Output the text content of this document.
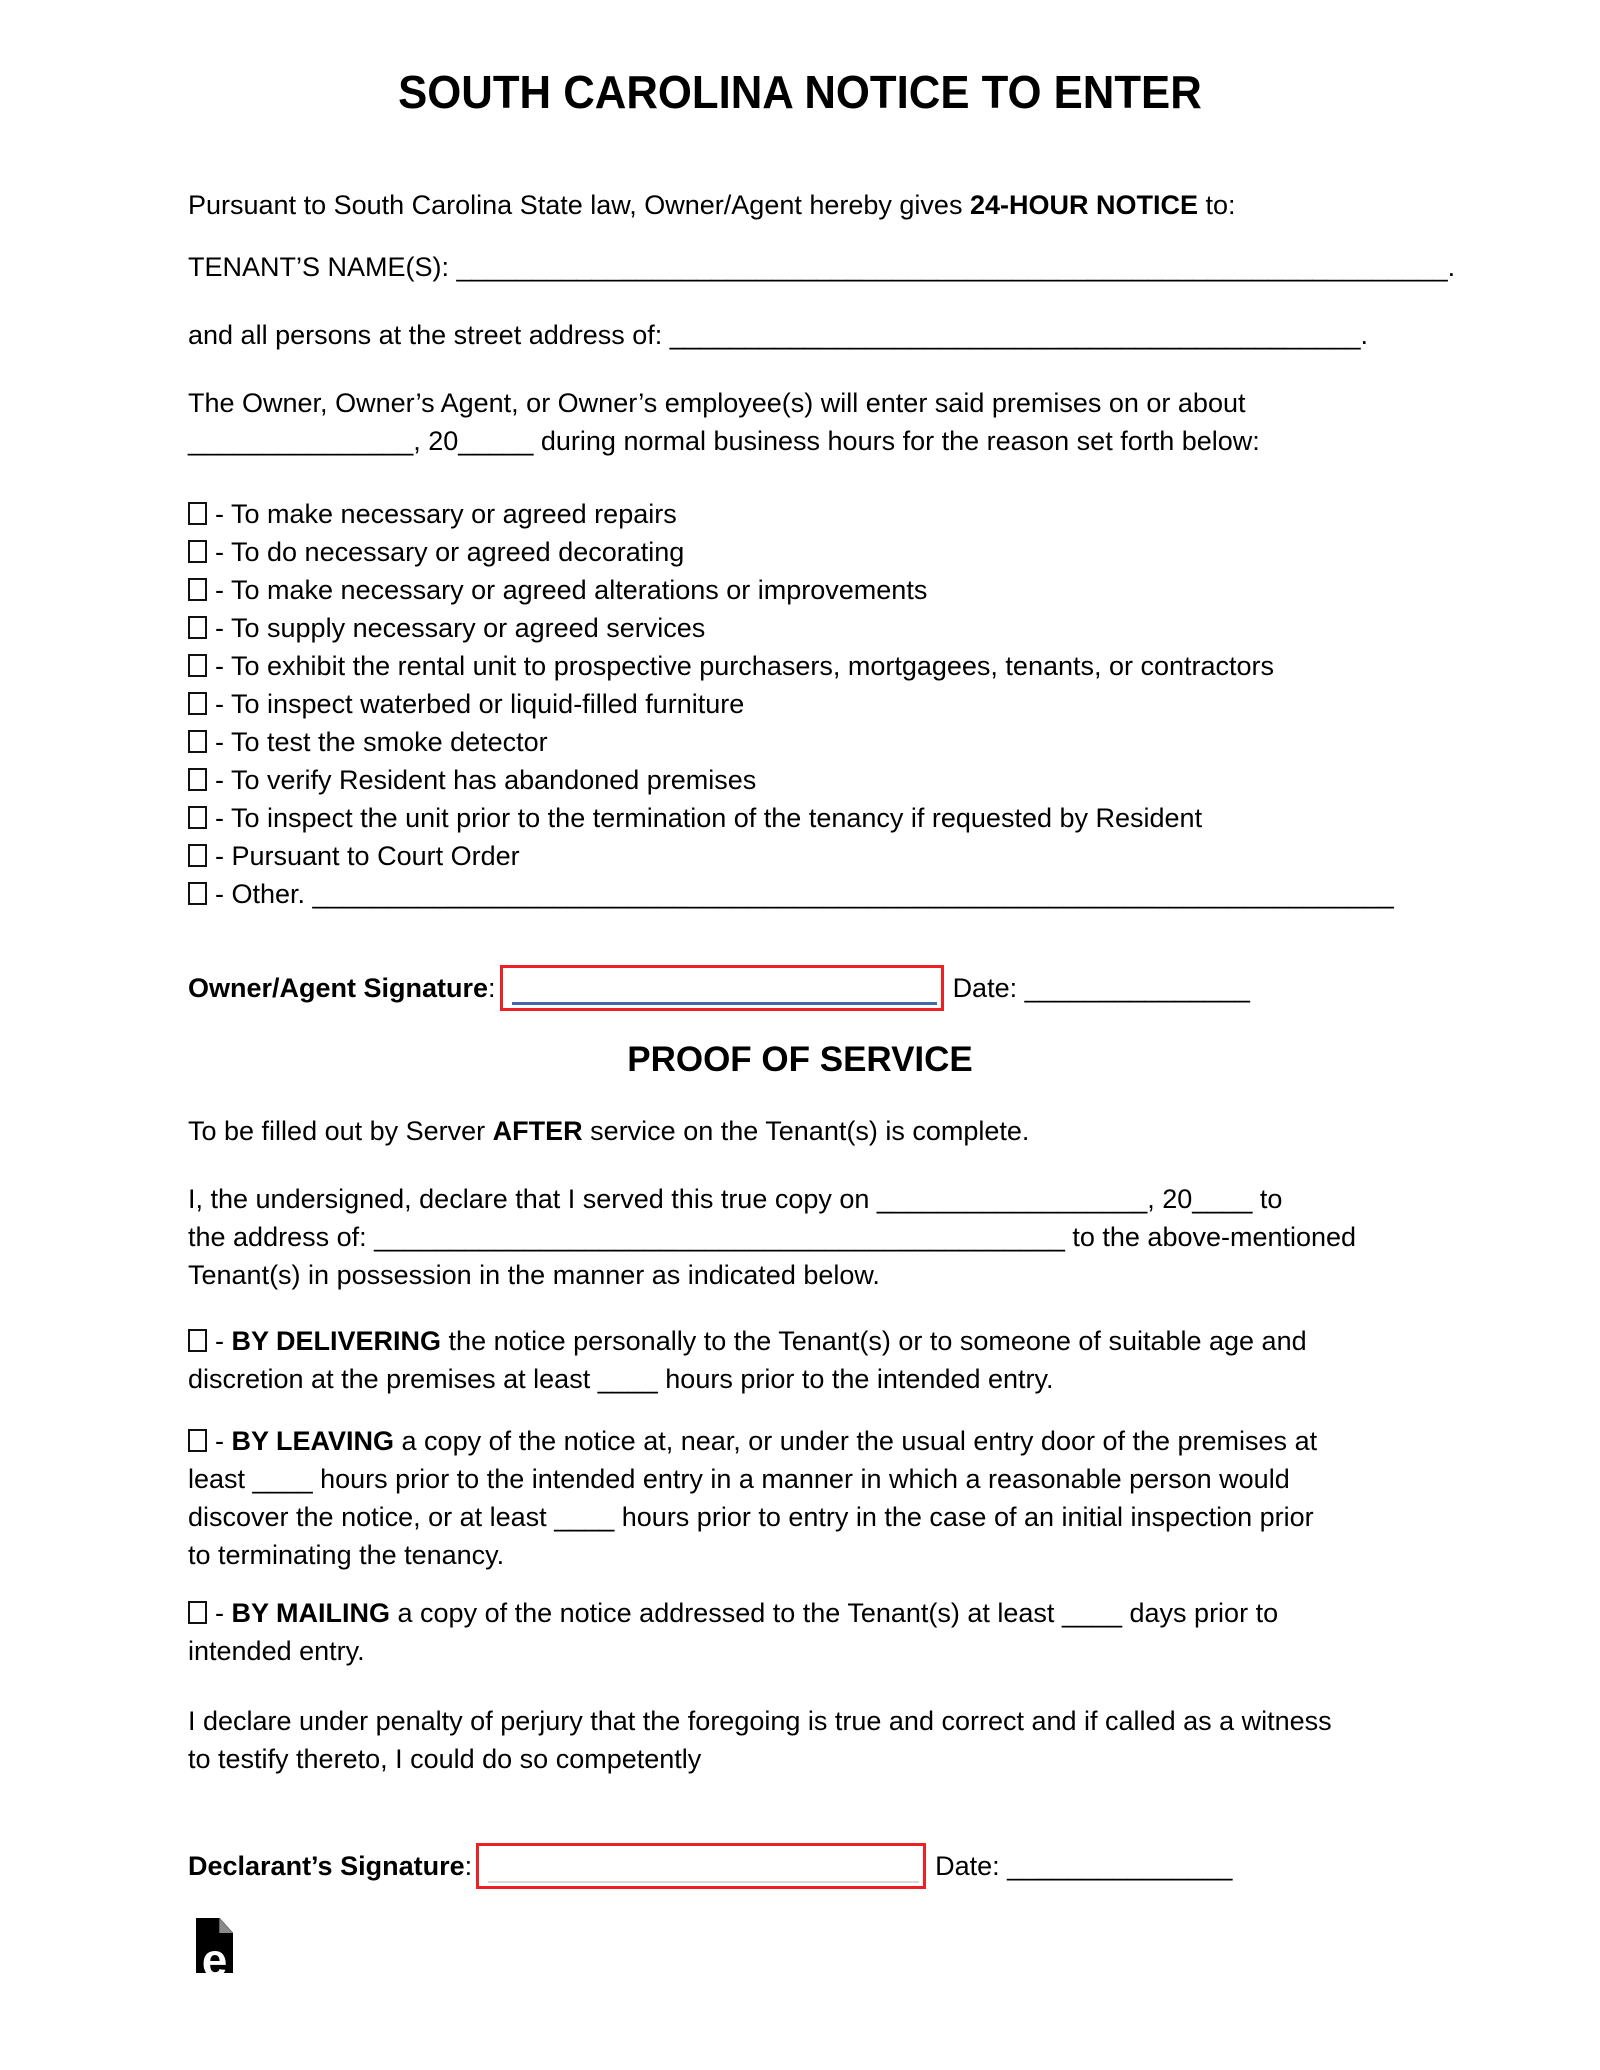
SOUTH CAROLINA NOTICE TO ENTER
Pursuant to South Carolina State law, Owner/Agent hereby gives 24-HOUR NOTICE to:
TENANT’S NAME(S): __________________________________________________________________.
and all persons at the street address of: ______________________________________________.
The Owner, Owner’s Agent, or Owner’s employee(s) will enter said premises on or about
_______________, 20_____ during normal business hours for the reason set forth below:
- To make necessary or agreed repairs
- To do necessary or agreed decorating
- To make necessary or agreed alterations or improvements
- To supply necessary or agreed services
- To exhibit the rental unit to prospective purchasers, mortgagees, tenants, or contractors
- To inspect waterbed or liquid-filled furniture
- To test the smoke detector
- To verify Resident has abandoned premises
- To inspect the unit prior to the termination of the tenancy if requested by Resident
- Pursuant to Court Order
- Other. ________________________________________________________________________
Owner/Agent Signature:	Date: _______________
PROOF OF SERVICE
To be filled out by Server AFTER service on the Tenant(s) is complete.
I, the undersigned, declare that I served this true copy on __________________, 20____ to
the address of: ______________________________________________ to the above-mentioned
Tenant(s) in possession in the manner as indicated below.
- BY DELIVERING the notice personally to the Tenant(s) or to someone of suitable age and
discretion at the premises at least ____ hours prior to the intended entry.
- BY LEAVING a copy of the notice at, near, or under the usual entry door of the premises at
least ____ hours prior to the intended entry in a manner in which a reasonable person would
discover the notice, or at least ____ hours prior to entry in the case of an initial inspection prior
to terminating the tenancy.
- BY MAILING a copy of the notice addressed to the Tenant(s) at least ____ days prior to
intended entry.
I declare under penalty of perjury that the foregoing is true and correct and if called as a witness
to testify thereto, I could do so competently
Declarant’s Signature:	Date: _______________
e
